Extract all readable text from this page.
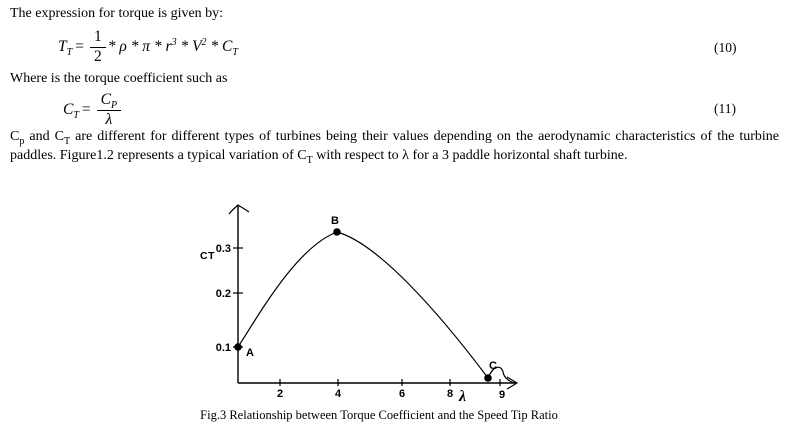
The expression for torque is given by:
$T_T = \frac{1}{2} * \rho * \pi * r^3 * V^2 * C_T$	(10)
Where is the torque coefficient such as
$C_T = \frac{C_P}{\lambda}$	(11)

$C_p$ and $C_T$ are different for different types of turbines being their values depending on the aerodynamic characteristics of the turbine paddles. Figure1.2 represents a typical variation of $C_T$ with respect to λ for a 3 paddle horizontal shaft turbine.

0.3
0.2
0.1
CT
λ
2	4	6	8	9
A
B
C
Fig.3 Relationship between Torque Coefficient and the Speed Tip Ratio
